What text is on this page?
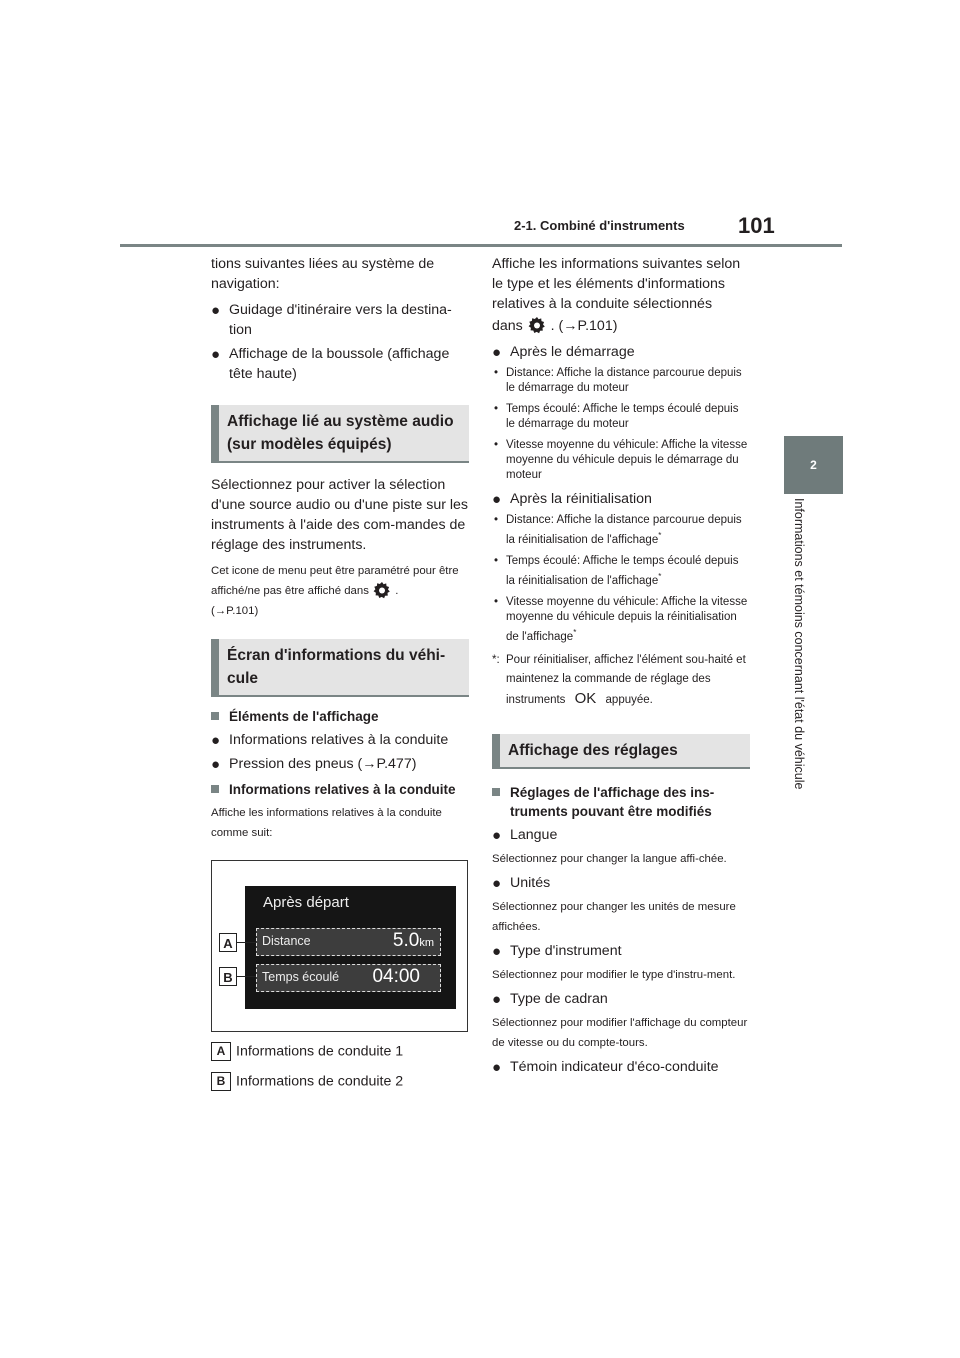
2-1. Combiné d'instruments 101
2
Informations et témoins concernant l'état du véhicule

tions suivantes liées au système de navigation:

● Guidage d'itinéraire vers la destina-tion
● Affichage de la boussole (affichage tête haute)
Affichage lié au système audio (sur modèles équipés)

Sélectionnez pour activer la sélection d'une source audio ou d'une piste sur les instruments à l'aide des com-mandes de réglage des instruments.

Cet icone de menu peut être paramétré pour être affiché/ne pas être affiché dans .

(→P.101)

Écran d'informations du véhi-cule
Éléments de l'affichage
● Informations relatives à la conduite
● Pression des pneus (→P.477)
Informations relatives à la conduite

Affiche les informations relatives à la conduite comme suit:

Après départ
Distance	5.0km
Temps écoulé 04:00
A
B
A Informations de conduite 1
B Informations de conduite 2

Affiche les informations suivantes selon le type et les éléments d'informations relatives à la conduite sélectionnés

dans . (→P.101)

● Après le démarrage
• Distance: Affiche la distance parcourue depuis le démarrage du moteur
• Temps écoulé: Affiche le temps écoulé depuis le démarrage du moteur
• Vitesse moyenne du véhicule: Affiche la vitesse moyenne du véhicule depuis le démarrage du moteur
● Après la réinitialisation
• Distance: Affiche la distance parcourue depuis la réinitialisation de l'affichage*
• Temps écoulé: Affiche le temps écoulé depuis la réinitialisation de l'affichage*
• Vitesse moyenne du véhicule: Affiche la vitesse moyenne du véhicule depuis la réinitialisation de l'affichage*
*: Pour réinitialiser, affichez l'élément sou-haité et maintenez la commande de réglage des instruments OK appuyée.
Affichage des réglages
Réglages de l'affichage des ins-truments pouvant être modifiés
● Langue

Sélectionnez pour changer la langue affi-chée.

● Unités

Sélectionnez pour changer les unités de mesure affichées.

● Type d'instrument

Sélectionnez pour modifier le type d'instru-ment.

● Type de cadran

Sélectionnez pour modifier l'affichage du compteur de vitesse ou du compte-tours.

● Témoin indicateur d'éco-conduite
